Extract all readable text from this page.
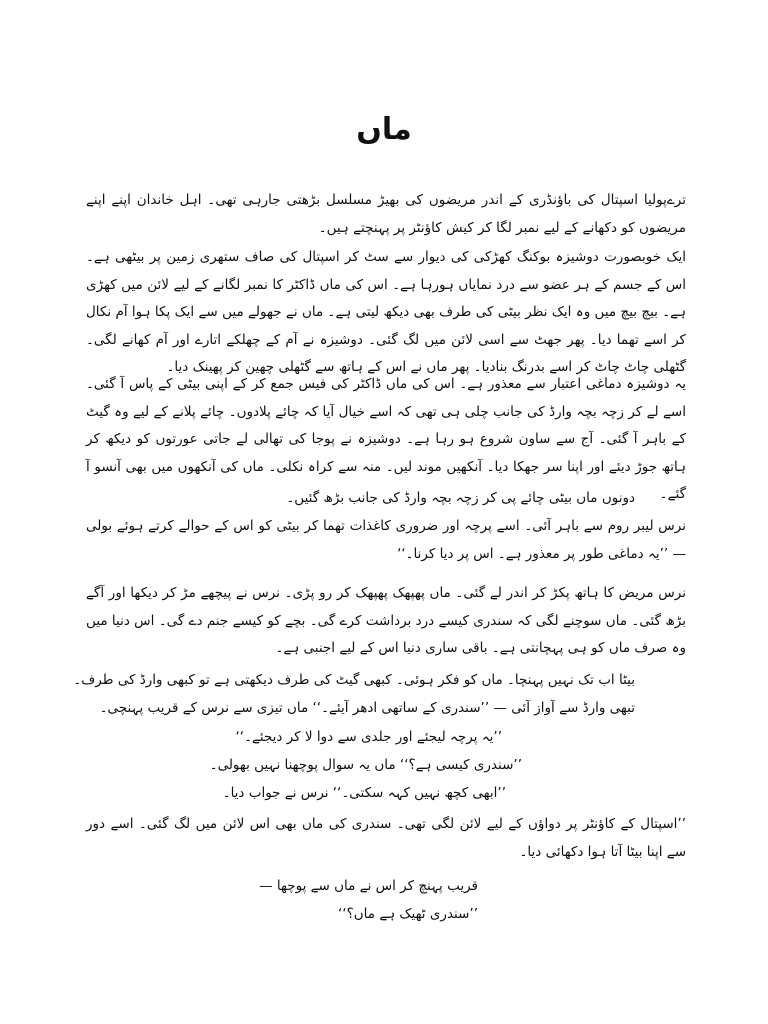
ماں

ترےپولیا اسپتال کی باؤنڈری کے اندر مریضوں کی بھیڑ مسلسل بڑھتی جارہی تھی۔ اہل خاندان اپنے اپنے مریضوں کو دکھانے کے لیے نمبر لگا کر کیش کاؤنٹر پر پہنچتے ہیں۔

ایک خوبصورت دوشیزہ بوکنگ کھڑکی کی دیوار سے سٹ کر اسپتال کی صاف ستھری زمین پر بیٹھی ہے۔ اس کے جسم کے ہر عضو سے درد نمایاں ہورہا ہے۔ اس کی ماں ڈاکٹر کا نمبر لگانے کے لیے لائن میں کھڑی ہے۔ بیچ بیچ میں وہ ایک نظر بیٹی کی طرف بھی دیکھ لیتی ہے۔ ماں نے جھولے میں سے ایک پکا ہوا آم نکال کر اسے تھما دیا۔ پھر جھٹ سے اسی لائن میں لگ گئی۔ دوشیزہ نے آم کے چھلکے اتارے اور آم کھانے لگی۔ گٹھلی چاٹ چاٹ کر اسے بدرنگ بنادیا۔ پھر ماں نے اس کے ہاتھ سے گٹھلی چھین کر پھینک دیا۔

یہ دوشیزہ دماغی اعتبار سے معذور ہے۔ اس کی ماں ڈاکٹر کی فیس جمع کر کے اپنی بیٹی کے پاس آ گئی۔ اسے لے کر زچہ بچہ وارڈ کی جانب چلی ہی تھی کہ اسے خیال آیا کہ چائے پلادوں۔ چائے پلانے کے لیے وہ گیٹ کے باہر آ گئی۔ آج سے ساون شروع ہو رہا ہے۔ دوشیزہ نے پوجا کی تھالی لے جاتی عورتوں کو دیکھ کر ہاتھ جوڑ دیئے اور اپنا سر جھکا دیا۔ آنکھیں موند لیں۔ منہ سے کراہ نکلی۔ ماں کی آنکھوں میں بھی آنسو آ گئے۔

دونوں ماں بیٹی چائے پی کر زچہ بچہ وارڈ کی جانب بڑھ گئیں۔

نرس لیبر روم سے باہر آئی۔ اسے پرچہ اور ضروری کاغذات تھما کر بیٹی کو اس کے حوالے کرتے ہوئے بولی — ’’یہ دماغی طور پر معذور ہے۔ اس پر دیا کرنا۔‘‘

نرس مریض کا ہاتھ پکڑ کر اندر لے گئی۔ ماں پھپھک پھپھک کر رو پڑی۔ نرس نے پیچھے مڑ کر دیکھا اور آگے بڑھ گئی۔ ماں سوچنے لگی کہ سندری کیسے درد برداشت کرے گی۔ بچے کو کیسے جنم دے گی۔ اس دنیا میں وہ صرف ماں کو ہی پہچانتی ہے۔ باقی ساری دنیا اس کے لیے اجنبی ہے۔

بیٹا اب تک نہیں پہنچا۔ ماں کو فکر ہوئی۔ کبھی گیٹ کی طرف دیکھتی ہے تو کبھی وارڈ کی طرف۔

تبھی وارڈ سے آواز آئی — ’’سندری کے ساتھی ادھر آیئے۔‘‘ ماں تیزی سے نرس کے قریب پہنچی۔

’’یہ پرچہ لیجئے اور جلدی سے دوا لا کر دیجئے۔‘‘

’’سندری کیسی ہے؟‘‘ ماں یہ سوال پوچھنا نہیں بھولی۔

’’ابھی کچھ نہیں کہہ سکتی۔‘‘ نرس نے جواب دیا۔

’’اسپتال کے کاؤنٹر پر دواؤں کے لیے لائن لگی تھی۔ سندری کی ماں بھی اس لائن میں لگ گئی۔ اسے دور سے اپنا بیٹا آتا ہوا دکھائی دیا۔

قریب پہنچ کر اس نے ماں سے پوچھا —

’’سندری ٹھیک ہے ماں؟‘‘
